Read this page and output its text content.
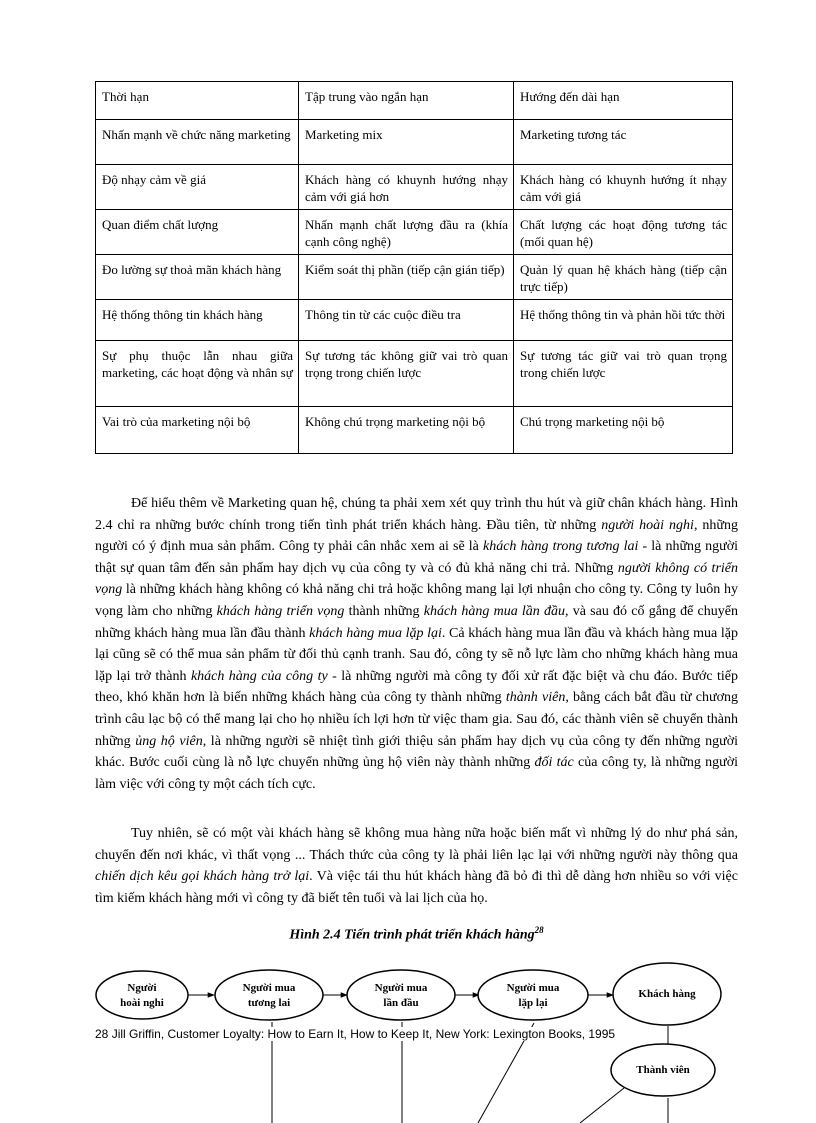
Thời hạn	Tập trung vào ngắn hạn	Hướng đến dài hạn
Nhấn mạnh về chức năng marketing	Marketing mix	Marketing tương tác
Độ nhạy cảm về giá	Khách hàng có khuynh hướng nhạy cảm với giá hơn	Khách hàng có khuynh hướng ít nhạy cảm với giá
Quan điểm chất lượng	Nhấn mạnh chất lượng đầu ra (khía cạnh công nghệ)	Chất lượng các hoạt động tương tác (mối quan hệ)
Đo lường sự thoả mãn khách hàng	Kiểm soát thị phần (tiếp cận gián tiếp)	Quản lý quan hệ khách hàng (tiếp cận trực tiếp)
Hệ thống thông tin khách hàng	Thông tin từ các cuộc điều tra	Hệ thống thông tin và phản hồi tức thời
Sự phụ thuộc lẫn nhau giữa marketing, các hoạt động và nhân sự	Sự tương tác không giữ vai trò quan trọng trong chiến lược	Sự tương tác giữ vai trò quan trọng trong chiến lược
Vai trò của marketing nội bộ	Không chú trọng marketing nội bộ	Chú trọng marketing nội bộ

Để hiểu thêm về Marketing quan hệ, chúng ta phải xem xét quy trình thu hút và giữ chân khách hàng. Hình 2.4 chỉ ra những bước chính trong tiến tình phát triển khách hàng. Đầu tiên, từ những người hoài nghi, những người có ý định mua sản phẩm. Công ty phải cân nhắc xem ai sẽ là khách hàng trong tương lai - là những người thật sự quan tâm đến sản phẩm hay dịch vụ của công ty và có đủ khả năng chi trả. Những người không có triển vọng là những khách hàng không có khả năng chi trả hoặc không mang lại lợi nhuận cho công ty. Công ty luôn hy vọng làm cho những khách hàng triển vọng thành những khách hàng mua lần đầu, và sau đó cố gắng để chuyển những khách hàng mua lần đầu thành khách hàng mua lặp lại. Cả khách hàng mua lần đầu và khách hàng mua lặp lại cũng sẽ có thể mua sản phẩm từ đối thủ cạnh tranh. Sau đó, công ty sẽ nỗ lực làm cho những khách hàng mua lặp lại trở thành khách hàng của công ty - là những người mà công ty đối xử rất đặc biệt và chu đáo. Bước tiếp theo, khó khăn hơn là biến những khách hàng của công ty thành những thành viên, bằng cách bắt đầu từ chương trình câu lạc bộ có thể mang lại cho họ nhiều ích lợi hơn từ việc tham gia. Sau đó, các thành viên sẽ chuyển thành những ủng hộ viên, là những người sẽ nhiệt tình giới thiệu sản phẩm hay dịch vụ của công ty đến những người khác. Bước cuối cùng là nỗ lực chuyển những ủng hộ viên này thành những đối tác của công ty, là những người làm việc với công ty một cách tích cực.

Tuy nhiên, sẽ có một vài khách hàng sẽ không mua hàng nữa hoặc biến mất vì những lý do như phá sản, chuyển đến nơi khác, vì thất vọng ... Thách thức của công ty là phải liên lạc lại với những người này thông qua chiến dịch kêu gọi khách hàng trở lại. Và việc tái thu hút khách hàng đã bỏ đi thì dễ dàng hơn nhiều so với việc tìm kiếm khách hàng mới vì công ty đã biết tên tuổi và lai lịch của họ.

Hình 2.4 Tiến trình phát triển khách hàng$^{28}$
Người
hoài nghi
Người mua
tương lai
Người mua
lần đầu
Người mua
lặp lại
Khách hàng
Thành viên
28 Jill Griffin, Customer Loyalty: How to Earn It, How to Keep It, New York: Lexington Books, 1995
